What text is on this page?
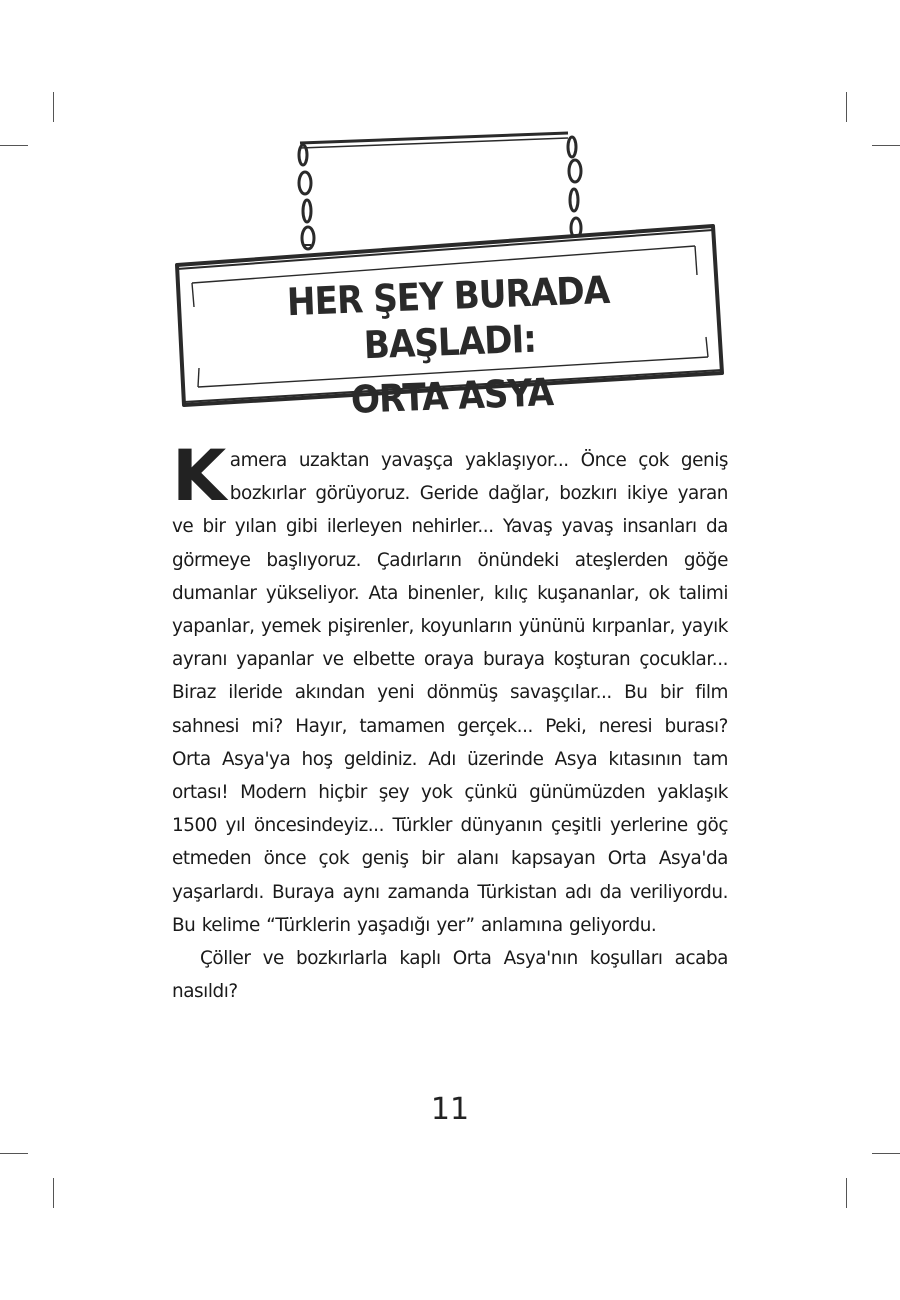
HER ŞEY BURADA BAŞLADI:
ORTA ASYA

Kamera uzaktan yavaşça yaklaşıyor... Önce çok geniş bozkırlar görüyoruz. Geride dağlar, bozkırı ikiye yaran ve bir yılan gibi ilerleyen nehirler... Yavaş yavaş insanları da görmeye başlıyoruz. Çadırların önündeki ateşlerden göğe dumanlar yükseliyor. Ata binenler, kılıç kuşananlar, ok talimi yapanlar, yemek pişirenler, koyunların yününü kırpanlar, yayık ayranı yapanlar ve elbette oraya buraya koşturan çocuklar... Biraz ileride akından yeni dönmüş savaşçılar... Bu bir film sahnesi mi? Hayır, tamamen gerçek... Peki, neresi burası? Orta Asya'ya hoş geldiniz. Adı üzerinde Asya kıtasının tam ortası! Modern hiçbir şey yok çünkü günümüzden yaklaşık 1500 yıl öncesindeyiz... Türkler dünyanın çeşitli yerlerine göç etmeden önce çok geniş bir alanı kapsayan Orta Asya'da yaşarlardı. Buraya aynı zamanda Türkistan adı da veriliyordu. Bu kelime “Türklerin yaşadığı yer” anlamına geliyordu.

Çöller ve bozkırlarla kaplı Orta Asya'nın koşulları acaba nasıldı?

11
